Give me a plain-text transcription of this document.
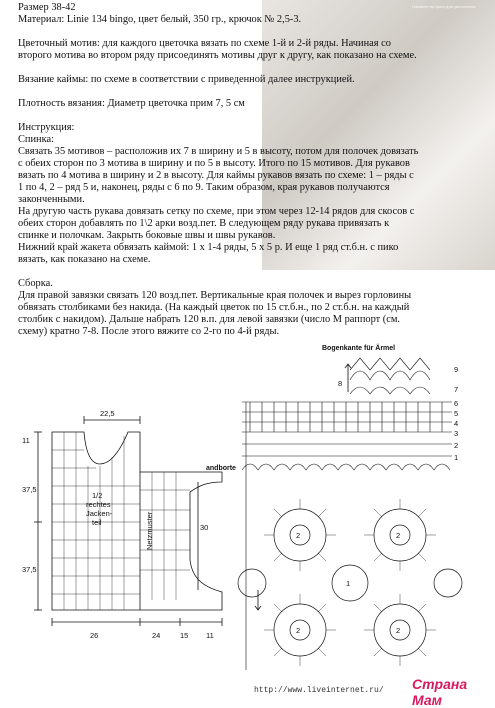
Нажмите на фото для увеличения

Размер 38-42

Материал: Linie 134 bingo, цвет белый, 350 гр., крючок № 2,5-3.

Цветочный мотив: для каждого цветочка вязать по схеме 1-й и 2-й ряды. Начиная со

второго мотива во втором ряду присоединять мотивы друг к другу, как показано на схеме.

Вязание каймы: по схеме в соответствии с приведенной далее инструкцией.

Плотность вязания: Диаметр цветочка прим 7, 5 см

Инструкция:

Спинка:

Связать 35 мотивов – расположив их 7 в ширину и 5 в высоту, потом для полочек довязать

с обеих сторон по 3 мотива в ширину и по 5 в высоту. Итого по 15 мотивов. Для рукавов

вязать по 4 мотива в ширину и 2 в высоту. Для каймы рукавов вязать по схеме: 1 – ряды с

1 по 4, 2 – ряд 5 и, наконец, ряды с 6 по 9. Таким образом, края рукавов получаются

законченными.

На другую часть рукава довязать сетку по схеме, при этом через 12-14 рядов для скосов с

обеих сторон добавлять по 1\2 арки возд.пет. В следующем ряду рукава привязать к

спинке и полочкам. Закрыть боковые швы и швы рукавов.

Нижний край жакета обвязать каймой: 1 х 1-4 ряды, 5 х 5 р. И еще 1 ряд ст.б.н. с пико

вязать, как показано на схеме.

Сборка.

Для правой завязки связать 120 возд.пет. Вертикальные края полочек и вырез горловины

обвязать столбиками без накида. (На каждый цветок по 15 ст.б.н., по 2 ст.б.н. на каждый

столбик с накидом). Дальше набрать 120 в.п. для левой завязки (число М раппорт (см.

схему) кратно 7-8. После этого вяжите со 2-го по 4-й ряды.

22,5
11
37,5
37,5
30
1/2
rechtes
Jacken-
teil	Netzmuster
26	24	15 11
Bogenkante für Ärmel
andborte
9
8
7
6
5
4
3
2
1
2	2
2	2
1
http://www.liveinternet.ru/ Страна Мам
